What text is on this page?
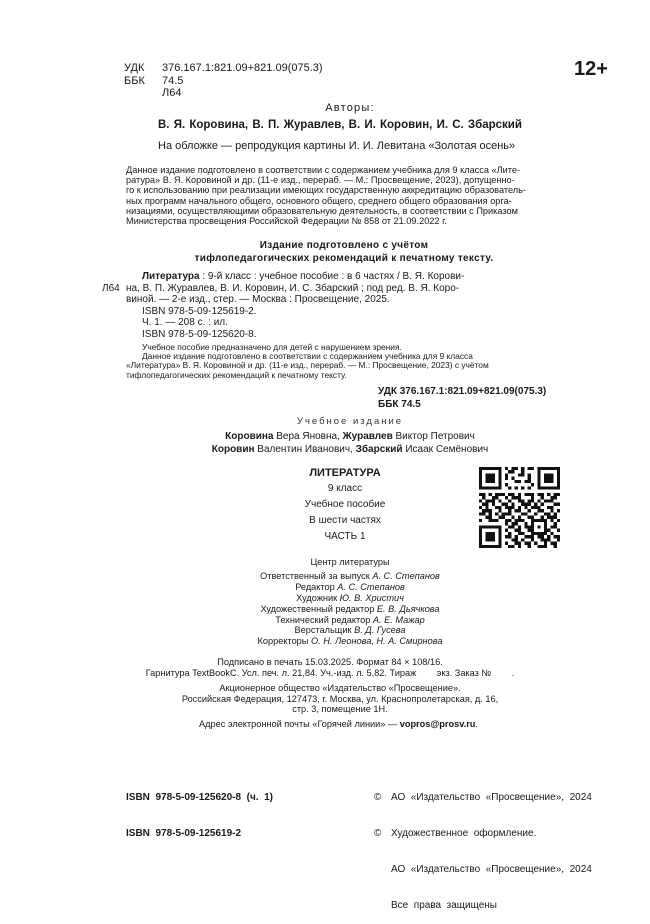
УДК 376.167.1:821.09+821.09(075.3)
ББК 74.5
Л64
12+
Авторы:
В. Я. Коровина, В. П. Журавлев, В. И. Коровин, И. С. Збарский
На обложке — репродукция картины И. И. Левитана «Золотая осень»
Данное издание подготовлено в соответствии с содержанием учебника для 9 класса «Лите-
ратура» В. Я. Коровиной и др. (11-е изд., перераб. — М.: Просвещение, 2023), допущенно-
го к использованию при реализации имеющих государственную аккредитацию образователь-
ных программ начального общего, основного общего, среднего общего образования орга-
низациями, осуществляющими образовательную деятельность, в соответствии с Приказом
Министерства просвещения Российской Федерации № 858 от 21.09.2022 г.
Издание подготовлено с учётом
тифлопедагогических рекомендаций к печатному тексту.
Л64
Литература : 9-й класс : учебное пособие : в 6 частях / В. Я. Корови-
на, В. П. Журавлев, В. И. Коровин, И. С. Збарский ; под ред. В. Я. Коро-
виной. — 2-е изд., стер. — Москва : Просвещение, 2025.
ISBN 978-5-09-125619-2.
Ч. 1. — 208 с. : ил.
ISBN 978-5-09-125620-8.
Учебное пособие предназначено для детей с нарушением зрения.
Данное издание подготовлено в соответствии с содержанием учебника для 9 класса
«Литература» В. Я. Коровиной и др. (11-е изд., перераб. — М.: Просвещение, 2023) с учётом
тифлопедагогических рекомендаций к печатному тексту.
УДК 376.167.1:821.09+821.09(075.3)
ББК 74.5
Учебное издание
Коровина Вера Яновна, Журавлев Виктор Петрович
Коровин Валентин Иванович, Збарский Исаак Семёнович
ЛИТЕРАТУРА
9 класс
Учебное пособие
В шести частях
ЧАСТЬ 1
Центр литературы
Ответственный за выпуск А. С. Степанов
Редактор А. С. Степанов
Художник Ю. В. Христич
Художественный редактор Е. В. Дьячкова
Технический редактор А. Е. Мажар
Верстальщик В. Д. Гусева
Корректоры О. Н. Леонова, Н. А. Смирнова
Подписано в печать 15.03.2025. Формат 84 × 108/16.
Гарнитура TextBookC. Усл. печ. л. 21,84. Уч.-изд. л. 5,82. Тираж        экз. Заказ №        .
Акционерное общество «Издательство «Просвещение».
Российская Федерация, 127473, г. Москва, ул. Краснопролетарская, д. 16,
стр. 3, помещение 1Н.
Адрес электронной почты «Горячей линии» — vopros@prosv.ru.

ISBN  978-5-09-125620-8  (ч.  1)

ISBN  978-5-09-125619-2

© АО  «Издательство  «Просвещение»,  2024

© Художественное  оформление.

АО  «Издательство  «Просвещение»,  2024

Все  права  защищены
